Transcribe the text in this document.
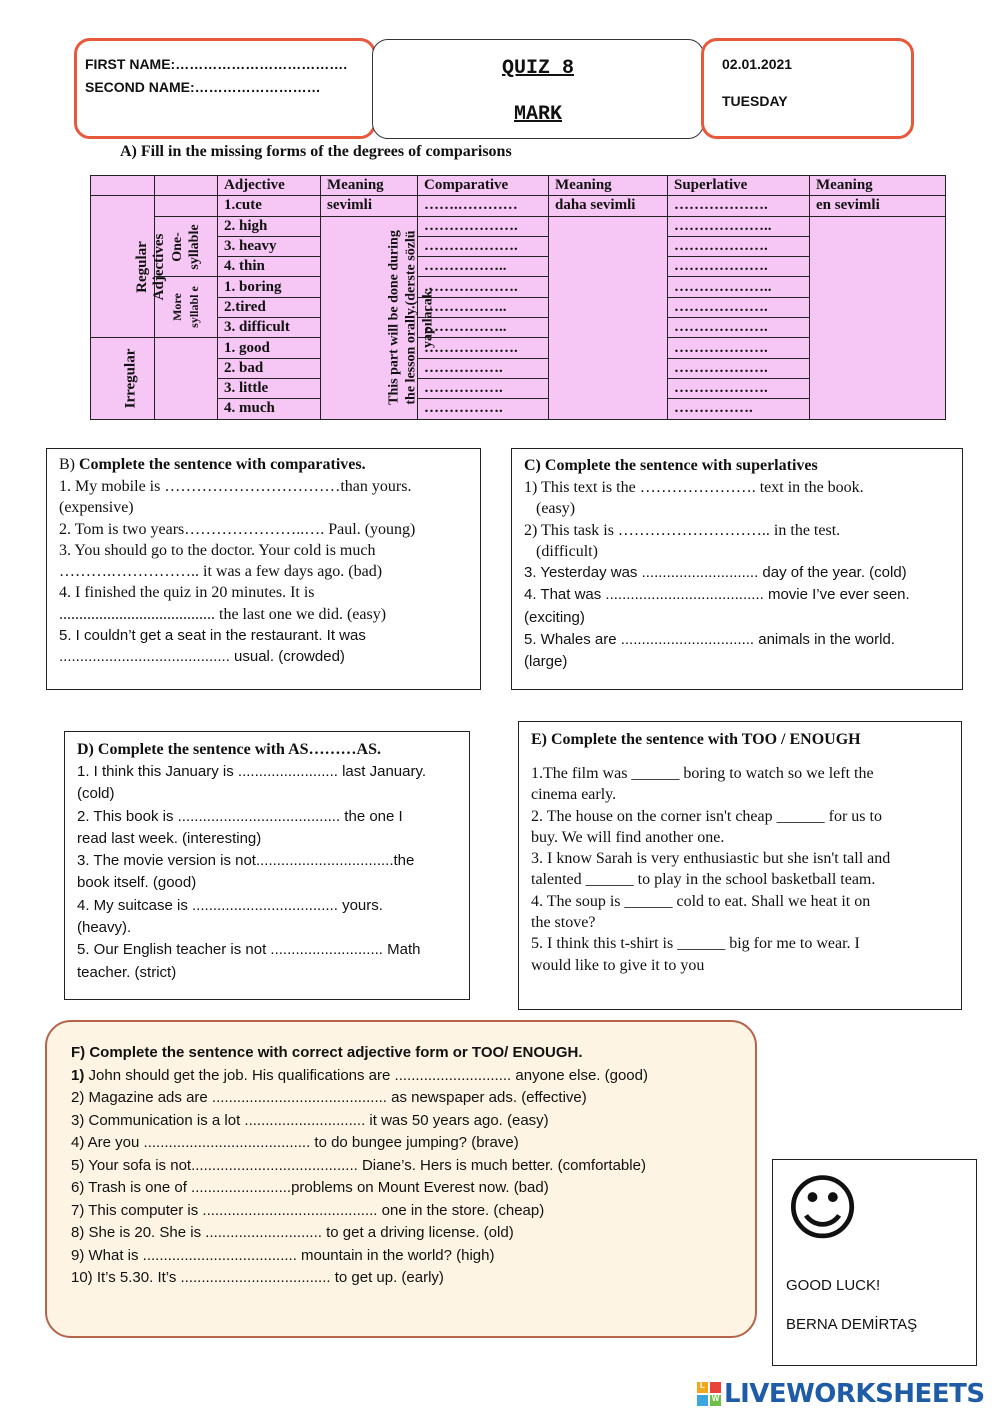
FIRST NAME:……………………………….
SECOND NAME:………………………
QUIZ 8
MARK
02.01.2021
TUESDAY
A) Fill in the missing forms of the degrees of comparisons
		Adjective	Meaning	Comparative	Meaning	Superlative	Meaning
Regular Adjectives		1.cute	sevimli	…….…………	daha sevimli	……………….	en sevimli
	One-syllable	2. high	This part will be done during the lesson orally.(derste sözlü yapılacak.	……………….		………………..	
		3. heavy		……………….		……………….	
		4. thin		……………..		……………….	
	More syllabl e	1. boring		……………….		………………..	
		2.tired		……………..		……………….	
		3. difficult		……………..		……………….	
Irregular		1. good		……………….		……………….	
		2. bad		…………….		……………….	
		3. little		…………….		……………….	
		4. much		…………….		…………….	
B) Complete the sentence with comparatives.
1. My mobile is ……………………………than yours.
(expensive)
2. Tom is two years…………………..…. Paul. (young)
3. You should go to the doctor. Your cold is much
……….…………….. it was a few days ago. (bad)
4. I finished the quiz in 20 minutes. It is
....................................... the last one we did. (easy)
5. I couldn’t get a seat in the restaurant. It was
......................................... usual. (crowded)
C) Complete the sentence with superlatives
1) This text is the …………………. text in the book.
(easy)
2) This task is ……………………….. in the test.
(difficult)
3. Yesterday was ............................ day of the year. (cold)
4. That was ...................................... movie I’ve ever seen.
(exciting)
5. Whales are ................................ animals in the world.
(large)
D) Complete the sentence with AS………AS.
1. I think this January is ........................ last January.
(cold)
2. This book is ....................................... the one I
read last week. (interesting)
3. The movie version is not.................................the
book itself. (good)
4. My suitcase is ................................... yours.
(heavy).
5. Our English teacher is not ........................... Math
teacher. (strict)
E) Complete the sentence with TOO / ENOUGH
1.The film was ______ boring to watch so we left the
cinema early.
2. The house on the corner isn't cheap ______ for us to
buy. We will find another one.
3. I know Sarah is very enthusiastic but she isn't tall and
talented ______ to play in the school basketball team.
4. The soup is ______ cold to eat. Shall we heat it on
the stove?
5. I think this t-shirt is ______ big for me to wear. I
would like to give it to you
F) Complete the sentence with correct adjective form or TOO/ ENOUGH.
1) John should get the job. His qualifications are ............................ anyone else. (good)
2) Magazine ads are .......................................... as newspaper ads. (effective)
3) Communication is a lot ............................. it was 50 years ago. (easy)
4) Are you ........................................ to do bungee jumping? (brave)
5) Your sofa is not........................................ Diane’s. Hers is much better. (comfortable)
6) Trash is one of ........................problems on Mount Everest now. (bad)
7) This computer is .......................................... one in the store. (cheap)
8) She is 20. She is ............................ to get a driving license. (old)
9) What is ..................................... mountain in the world? (high)
10) It’s 5.30. It’s .................................... to get up. (early)
☺
GOOD LUCK!
BERNA DEMİRTAŞ
L
W LIVEWORKSHEETS
